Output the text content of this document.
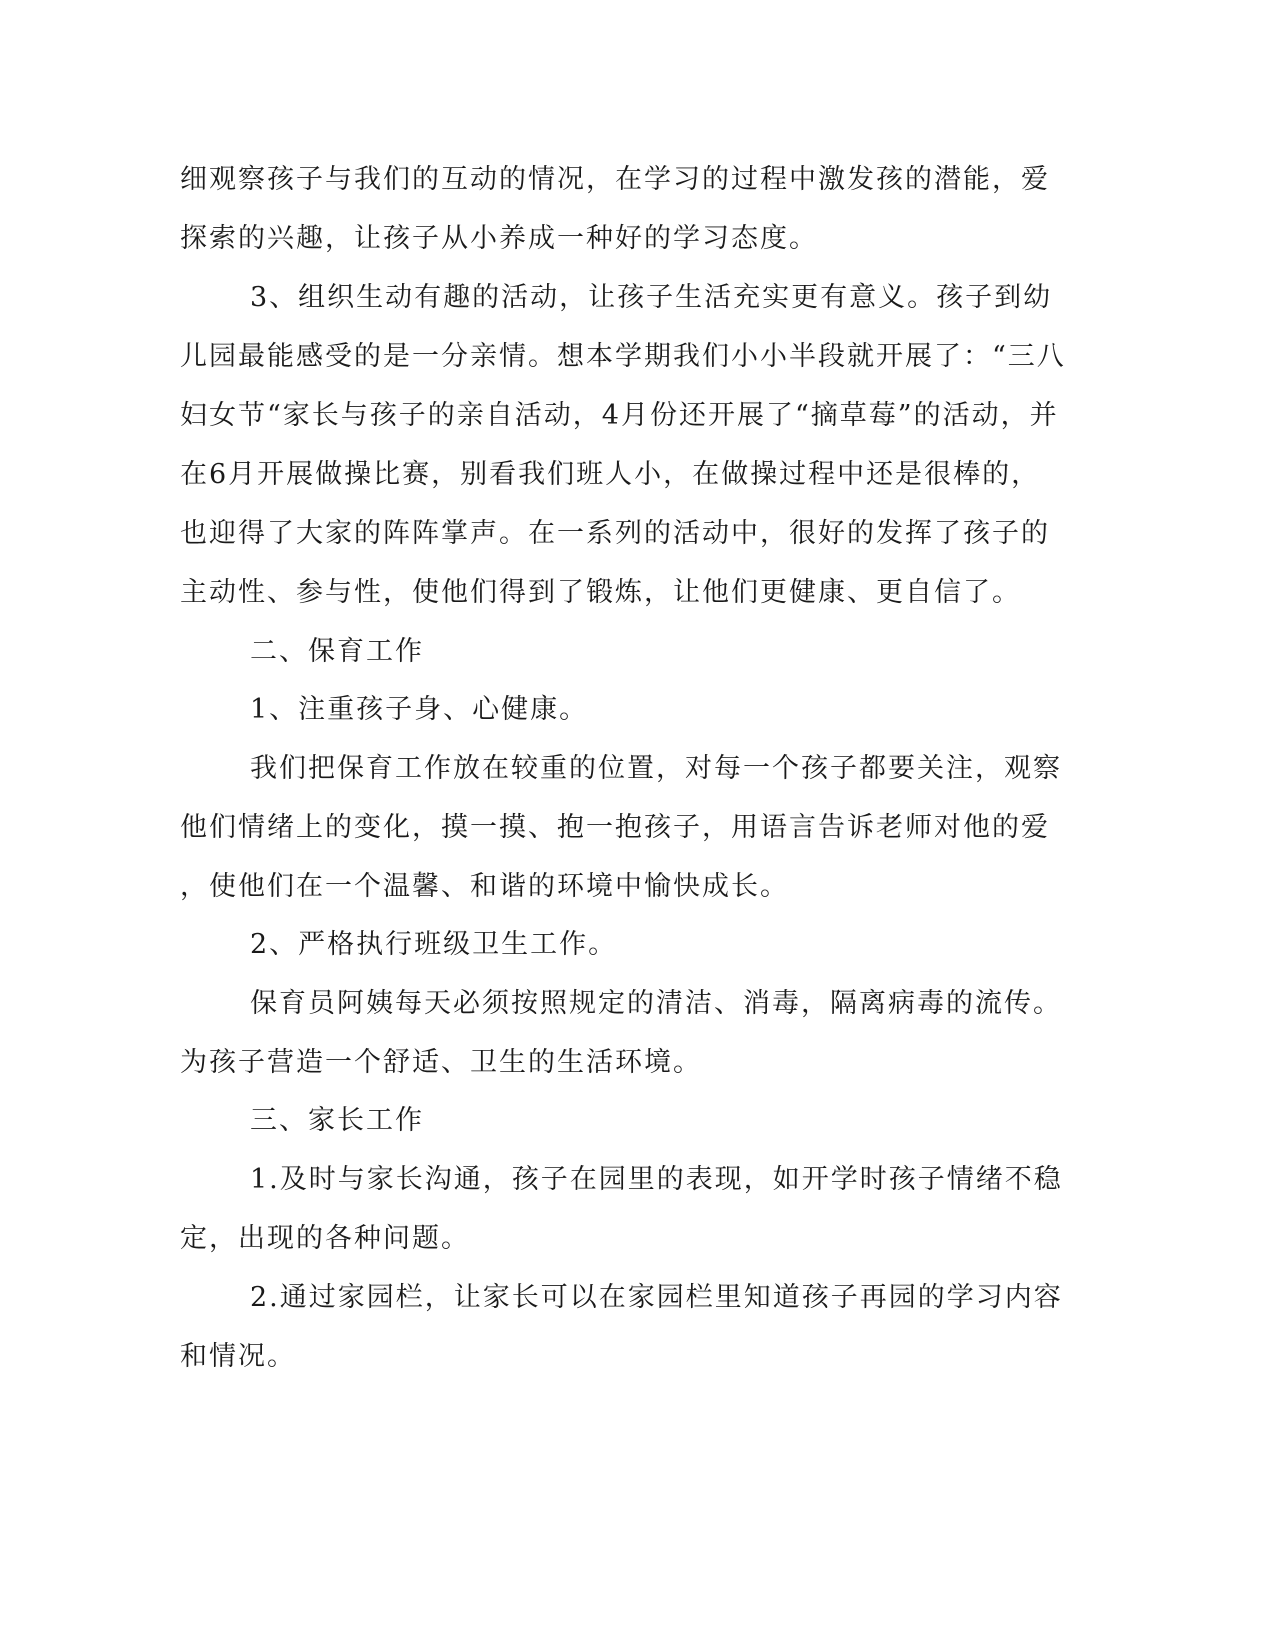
细观察孩子与我们的互动的情况，在学习的过程中激发孩的潜能，爱
探索的兴趣，让孩子从小养成一种好的学习态度。
3、组织生动有趣的活动，让孩子生活充实更有意义。孩子到幼
儿园最能感受的是一分亲情。想本学期我们小小半段就开展了：“三八
妇女节“家长与孩子的亲自活动，4月份还开展了“摘草莓”的活动，并
在6月开展做操比赛，别看我们班人小，在做操过程中还是很棒的，
也迎得了大家的阵阵掌声。在一系列的活动中，很好的发挥了孩子的
主动性、参与性，使他们得到了锻炼，让他们更健康、更自信了。
二、保育工作
1、注重孩子身、心健康。
我们把保育工作放在较重的位置，对每一个孩子都要关注，观察
他们情绪上的变化，摸一摸、抱一抱孩子，用语言告诉老师对他的爱
，使他们在一个温馨、和谐的环境中愉快成长。
2、严格执行班级卫生工作。
保育员阿姨每天必须按照规定的清洁、消毒，隔离病毒的流传。
为孩子营造一个舒适、卫生的生活环境。
三、家长工作
1.及时与家长沟通，孩子在园里的表现，如开学时孩子情绪不稳
定，出现的各种问题。
2.通过家园栏，让家长可以在家园栏里知道孩子再园的学习内容
和情况。
